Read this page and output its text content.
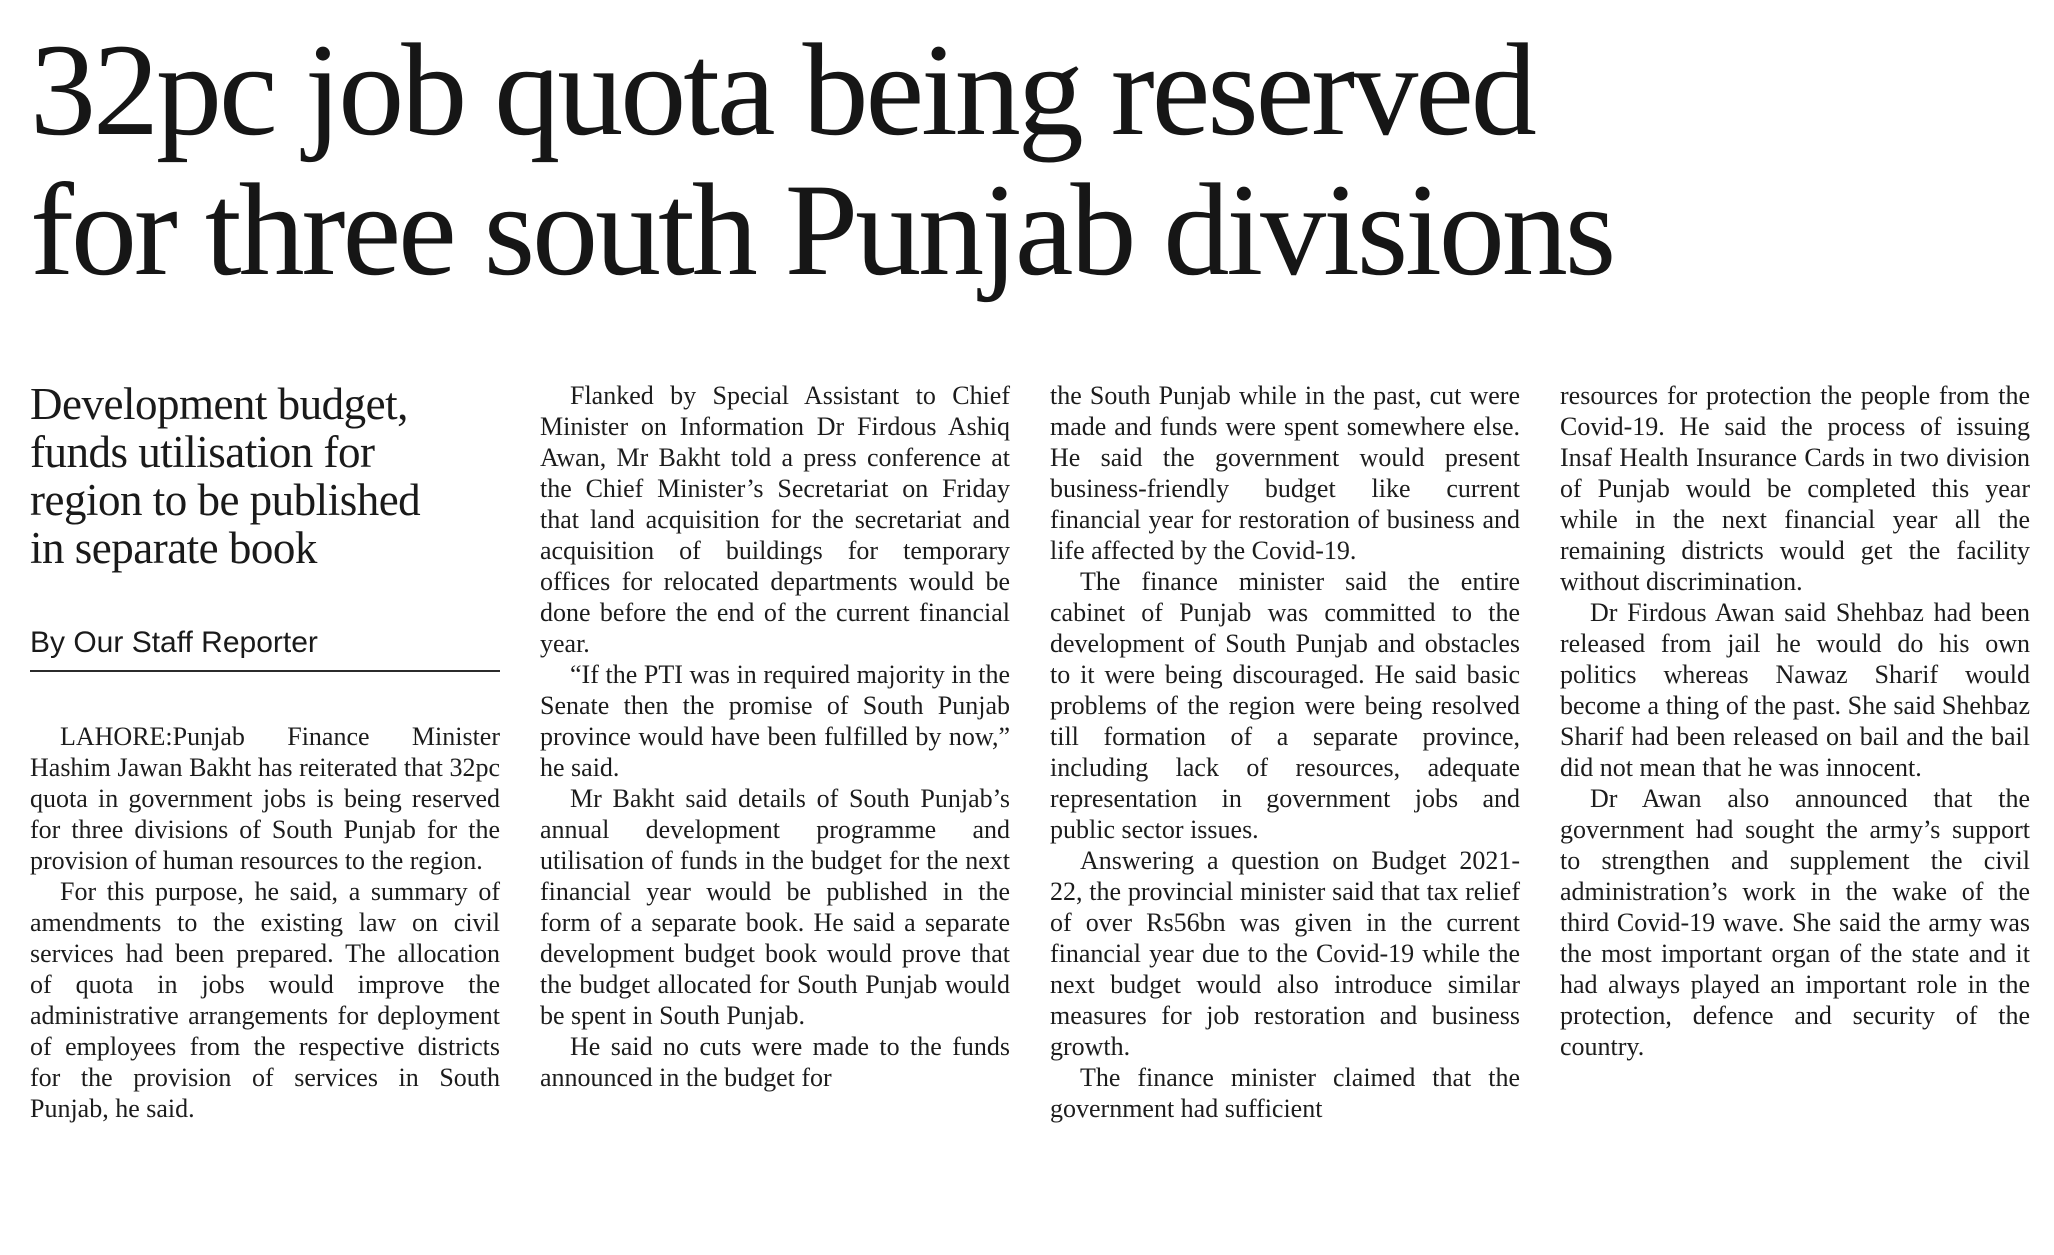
32pc job quota being reserved
for three south Punjab divisions
Development budget,
funds utilisation for
region to be published
in separate book
By Our Staff Reporter

LAHORE:Punjab Finance Minister Hashim Jawan Bakht has reiterated that 32pc quota in government jobs is being reserved for three divisions of South Punjab for the provision of human resources to the region.

For this purpose, he said, a summary of amendments to the existing law on civil services had been prepared. The allocation of quota in jobs would improve the administrative arrangements for deployment of employees from the respective districts for the provision of services in South Punjab, he said.

Flanked by Special Assistant to Chief Minister on Information Dr Firdous Ashiq Awan, Mr Bakht told a press conference at the Chief Minister’s Secretariat on Friday that land acquisition for the secretariat and acquisition of buildings for temporary offices for relocated departments would be done before the end of the current financial year.

“If the PTI was in required majority in the Senate then the promise of South Punjab province would have been fulfilled by now,” he said.

Mr Bakht said details of South Punjab’s annual development programme and utilisation of funds in the budget for the next financial year would be published in the form of a separate book. He said a separate development budget book would prove that the budget allocated for South Punjab would be spent in South Punjab.

He said no cuts were made to the funds announced in the budget for

the South Punjab while in the past, cut were made and funds were spent somewhere else. He said the government would present business-friendly budget like current financial year for restoration of business and life affected by the Covid-19.

The finance minister said the entire cabinet of Punjab was committed to the development of South Punjab and obstacles to it were being discouraged. He said basic problems of the region were being resolved till formation of a separate province, including lack of resources, adequate representation in government jobs and public sector issues.

Answering a question on Budget 2021-22, the provincial minister said that tax relief of over Rs56bn was given in the current financial year due to the Covid-19 while the next budget would also introduce similar measures for job restoration and business growth.

The finance minister claimed that the government had sufficient

resources for protection the people from the Covid-19. He said the process of issuing Insaf Health Insurance Cards in two division of Punjab would be completed this year while in the next financial year all the remaining districts would get the facility without discrimination.

Dr Firdous Awan said Shehbaz had been released from jail he would do his own politics whereas Nawaz Sharif would become a thing of the past. She said Shehbaz Sharif had been released on bail and the bail did not mean that he was innocent.

Dr Awan also announced that the government had sought the army’s support to strengthen and supplement the civil administration’s work in the wake of the third Covid-19 wave. She said the army was the most important organ of the state and it had always played an important role in the protection, defence and security of the country.
